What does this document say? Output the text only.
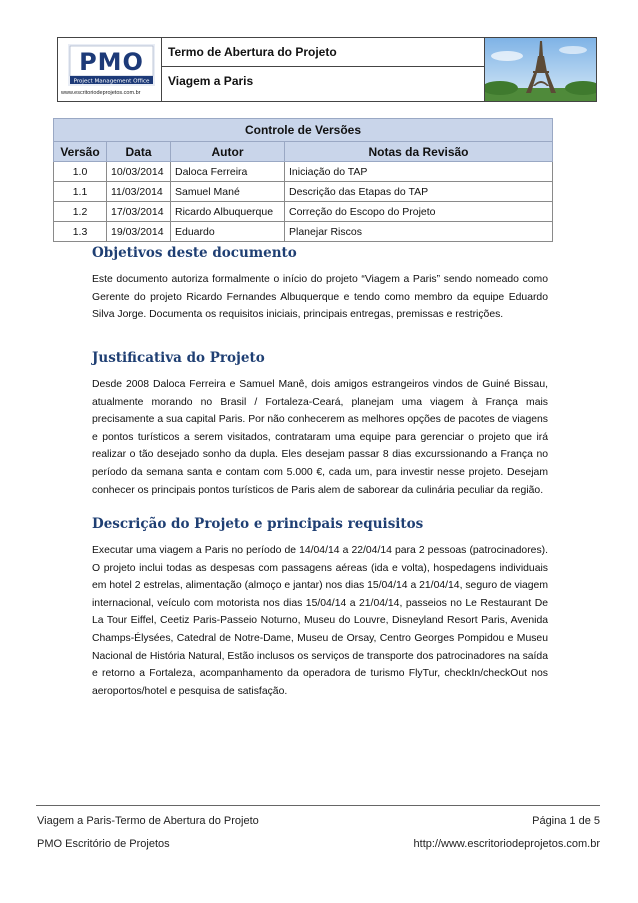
PMO
Project Management Office
www.escritoriodeprojetos.com.br
Termo de Abertura do Projeto
Viagem a Paris
Controle de Versões			
Versão	Data	Autor	Notas da Revisão
1.0	10/03/2014	Daloca Ferreira	Iniciação do TAP
1.1	11/03/2014	Samuel Mané	Descrição das Etapas do TAP
1.2	17/03/2014	Ricardo Albuquerque	Correção do Escopo do Projeto
1.3	19/03/2014	Eduardo	Planejar Riscos
Objetivos deste documento

Este documento autoriza formalmente o início do projeto “Viagem a Paris” sendo nomeado como Gerente do projeto Ricardo Fernandes Albuquerque e tendo como membro da equipe Eduardo Silva Jorge. Documenta os requisitos iniciais, principais entregas, premissas e restrições.

Justificativa do Projeto

Desde 2008 Daloca Ferreira e Samuel Manê, dois amigos estrangeiros vindos de Guiné Bissau, atualmente morando no Brasil / Fortaleza-Ceará, planejam uma viagem à França mais precisamente a sua capital Paris. Por não conhecerem as melhores opções de pacotes de viagens e pontos turísticos a serem visitados, contrataram uma equipe para gerenciar o projeto que irá realizar o tão desejado sonho da dupla. Eles desejam passar 8 dias excurssionando a França no período da semana santa e contam com 5.000 €, cada um, para investir nesse projeto. Desejam conhecer os principais pontos turísticos de Paris alem de saborear da culinária peculiar da região.

Descrição do Projeto e principais requisitos

Executar uma viagem a Paris no período de 14/04/14 a 22/04/14 para 2 pessoas (patrocinadores). O projeto inclui todas as despesas com passagens aéreas (ida e volta), hospedagens individuais em hotel 2 estrelas, alimentação (almoço e jantar) nos dias 15/04/14 a 21/04/14, seguro de viagem internacional, veículo com motorista nos dias 15/04/14 a 21/04/14, passeios no Le Restaurant De La Tour Eiffel, Ceetiz Paris-Passeio Noturno, Museu do Louvre, Disneyland Resort Paris, Avenida Champs-Élysées, Catedral de Notre-Dame, Museu de Orsay, Centro Georges Pompidou e Museu Nacional de História Natural, Estão inclusos os serviços de transporte dos patrocinadores na saída e retorno a Fortaleza, acompanhamento da operadora de turismo FlyTur, checkIn/checkOut nos aeroportos/hotel e pesquisa de satisfação.

Viagem a Paris-Termo de Abertura do Projeto	Página 1 de 5
PMO Escritório de Projetos	http://www.escritoriodeprojetos.com.br
